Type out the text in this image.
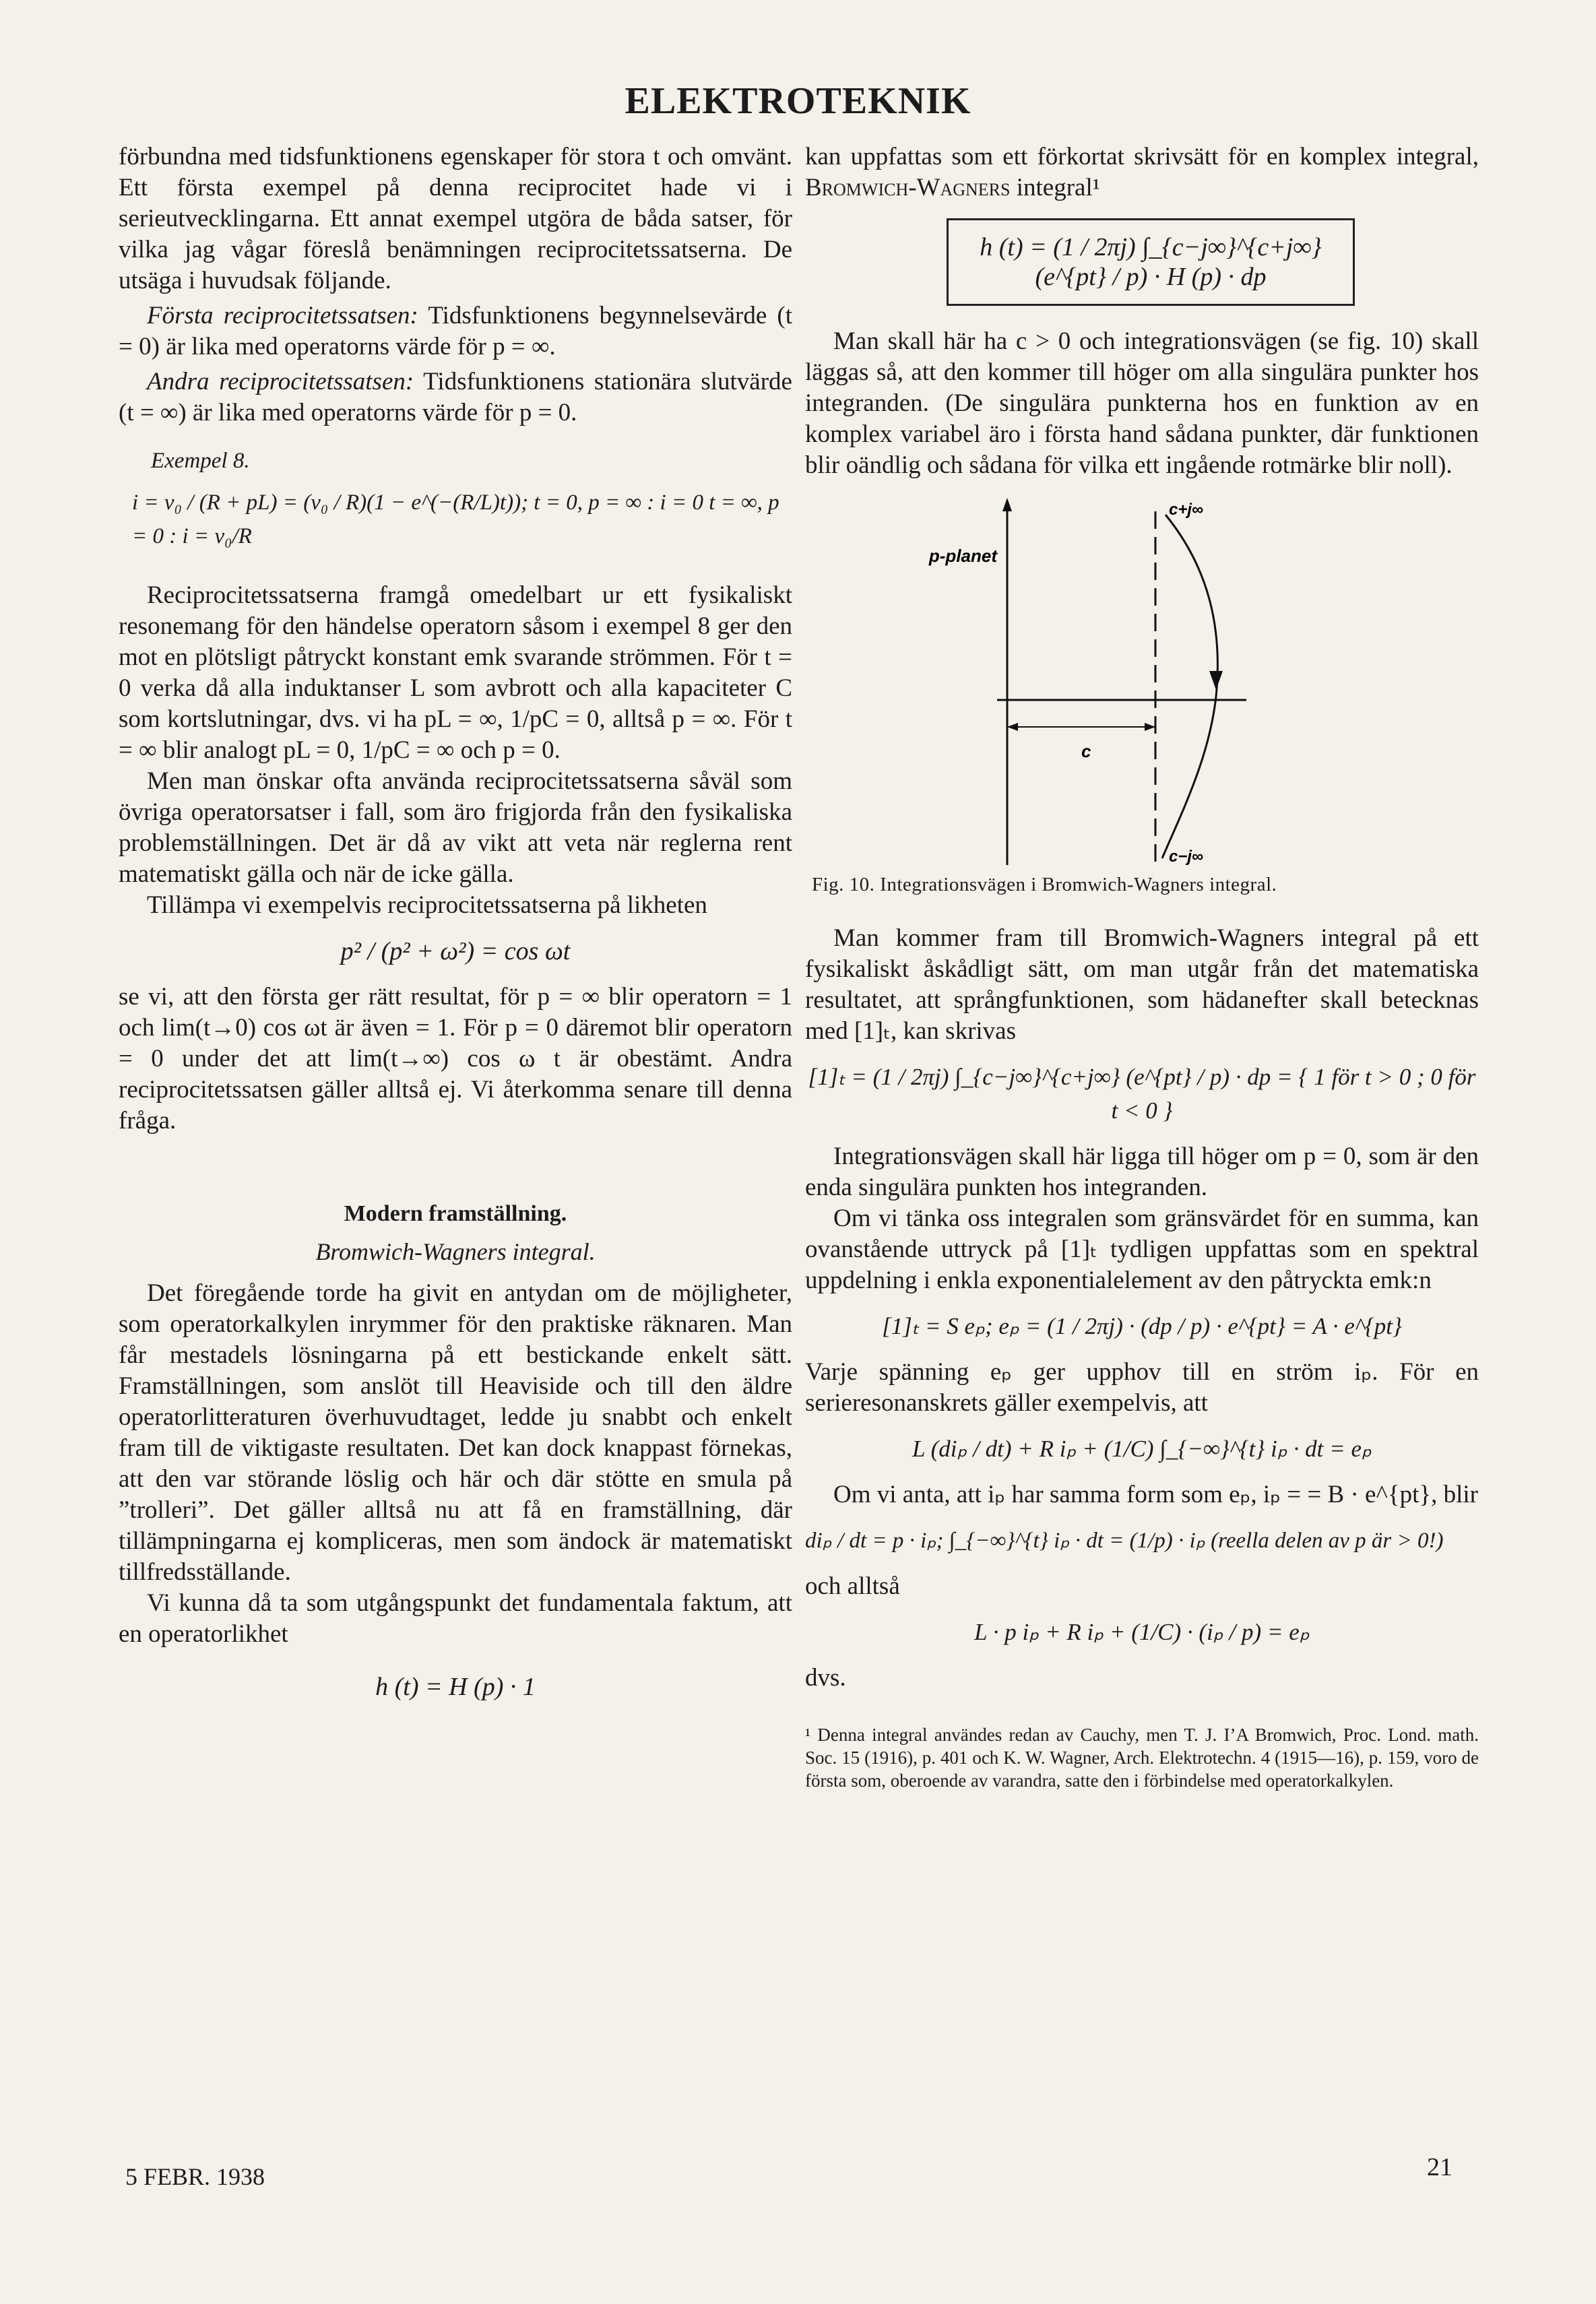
ELEKTROTEKNIK

förbundna med tidsfunktionens egenskaper för stora t och omvänt. Ett första exempel på denna reciprocitet hade vi i serieutvecklingarna. Ett annat exempel utgöra de båda satser, för vilka jag vågar föreslå benämningen reciprocitetssatserna. De utsäga i huvudsak följande.

Första reciprocitetssatsen: Tidsfunktionens begynnelsevärde (t = 0) är lika med operatorns värde för p = ∞.

Andra reciprocitetssatsen: Tidsfunktionens stationära slutvärde (t = ∞) är lika med operatorns värde för p = 0.

Exempel 8.
i = v₀ / (R + pL) = (v₀ / R)(1 − e^(−(R/L)t)); t = 0, p = ∞ : i = 0 t = ∞, p = 0 : i = v₀/R

Reciprocitetssatserna framgå omedelbart ur ett fysikaliskt resonemang för den händelse operatorn såsom i exempel 8 ger den mot en plötsligt påtryckt konstant emk svarande strömmen. För t = 0 verka då alla induktanser L som avbrott och alla kapaciteter C som kortslutningar, dvs. vi ha pL = ∞, 1/pC = 0, alltså p = ∞. För t = ∞ blir analogt pL = 0, 1/pC = ∞ och p = 0.

Men man önskar ofta använda reciprocitetssatserna såväl som övriga operatorsatser i fall, som äro frigjorda från den fysikaliska problemställningen. Det är då av vikt att veta när reglerna rent matematiskt gälla och när de icke gälla.

Tillämpa vi exempelvis reciprocitetssatserna på likheten

p² / (p² + ω²) = cos ωt

se vi, att den första ger rätt resultat, för p = ∞ blir operatorn = 1 och lim(t→0) cos ωt är även = 1. För p = 0 däremot blir operatorn = 0 under det att lim(t→∞) cos ω t är obestämt. Andra reciprocitetssatsen gäller alltså ej. Vi återkomma senare till denna fråga.

Modern framställning.
Bromwich-Wagners integral.

Det föregående torde ha givit en antydan om de möjligheter, som operatorkalkylen inrymmer för den praktiske räknaren. Man får mestadels lösningarna på ett bestickande enkelt sätt. Framställningen, som anslöt till Heaviside och till den äldre operatorlitteraturen överhuvudtaget, ledde ju snabbt och enkelt fram till de viktigaste resultaten. Det kan dock knappast förnekas, att den var störande löslig och här och där stötte en smula på ”trolleri”. Det gäller alltså nu att få en framställning, där tillämpningarna ej kompliceras, men som ändock är matematiskt tillfredsställande.

Vi kunna då ta som utgångspunkt det fundamentala faktum, att en operatorlikhet

h (t) = H (p) · 1

kan uppfattas som ett förkortat skrivsätt för en komplex integral, Bromwich-Wagners integral¹

h (t) = (1 / 2πj) ∫_{c−j∞}^{c+j∞} (e^{pt} / p) · H (p) · dp

Man skall här ha c > 0 och integrationsvägen (se fig. 10) skall läggas så, att den kommer till höger om alla singulära punkter hos integranden. (De singulära punkterna hos en funktion av en komplex variabel äro i första hand sådana punkter, där funktionen blir oändlig och sådana för vilka ett ingående rotmärke blir noll).

c
p-planet
c+j∞
c−j∞
Fig. 10. Integrationsvägen i Bromwich-Wagners integral.

Man kommer fram till Bromwich-Wagners integral på ett fysikaliskt åskådligt sätt, om man utgår från det matematiska resultatet, att språngfunktionen, som hädanefter skall betecknas med [1]ₜ, kan skrivas

[1]ₜ = (1 / 2πj) ∫_{c−j∞}^{c+j∞} (e^{pt} / p) · dp = { 1 för t > 0 ; 0 för t < 0 }

Integrationsvägen skall här ligga till höger om p = 0, som är den enda singulära punkten hos integranden.

Om vi tänka oss integralen som gränsvärdet för en summa, kan ovanstående uttryck på [1]ₜ tydligen uppfattas som en spektral uppdelning i enkla exponentialelement av den påtryckta emk:n

[1]ₜ = S eₚ; eₚ = (1 / 2πj) · (dp / p) · e^{pt} = A · e^{pt}

Varje spänning eₚ ger upphov till en ström iₚ. För en serieresonanskrets gäller exempelvis, att

L (diₚ / dt) + R iₚ + (1/C) ∫_{−∞}^{t} iₚ · dt = eₚ

Om vi anta, att iₚ har samma form som eₚ, iₚ = = B · e^{pt}, blir

diₚ / dt = p · iₚ; ∫_{−∞}^{t} iₚ · dt = (1/p) · iₚ (reella delen av p är > 0!)

och alltså

L · p iₚ + R iₚ + (1/C) · (iₚ / p) = eₚ

dvs.

¹ Denna integral användes redan av Cauchy, men T. J. I’A Bromwich, Proc. Lond. math. Soc. 15 (1916), p. 401 och K. W. Wagner, Arch. Elektrotechn. 4 (1915—16), p. 159, voro de första som, oberoende av varandra, satte den i förbindelse med operatorkalkylen.
5 FEBR. 1938	21
